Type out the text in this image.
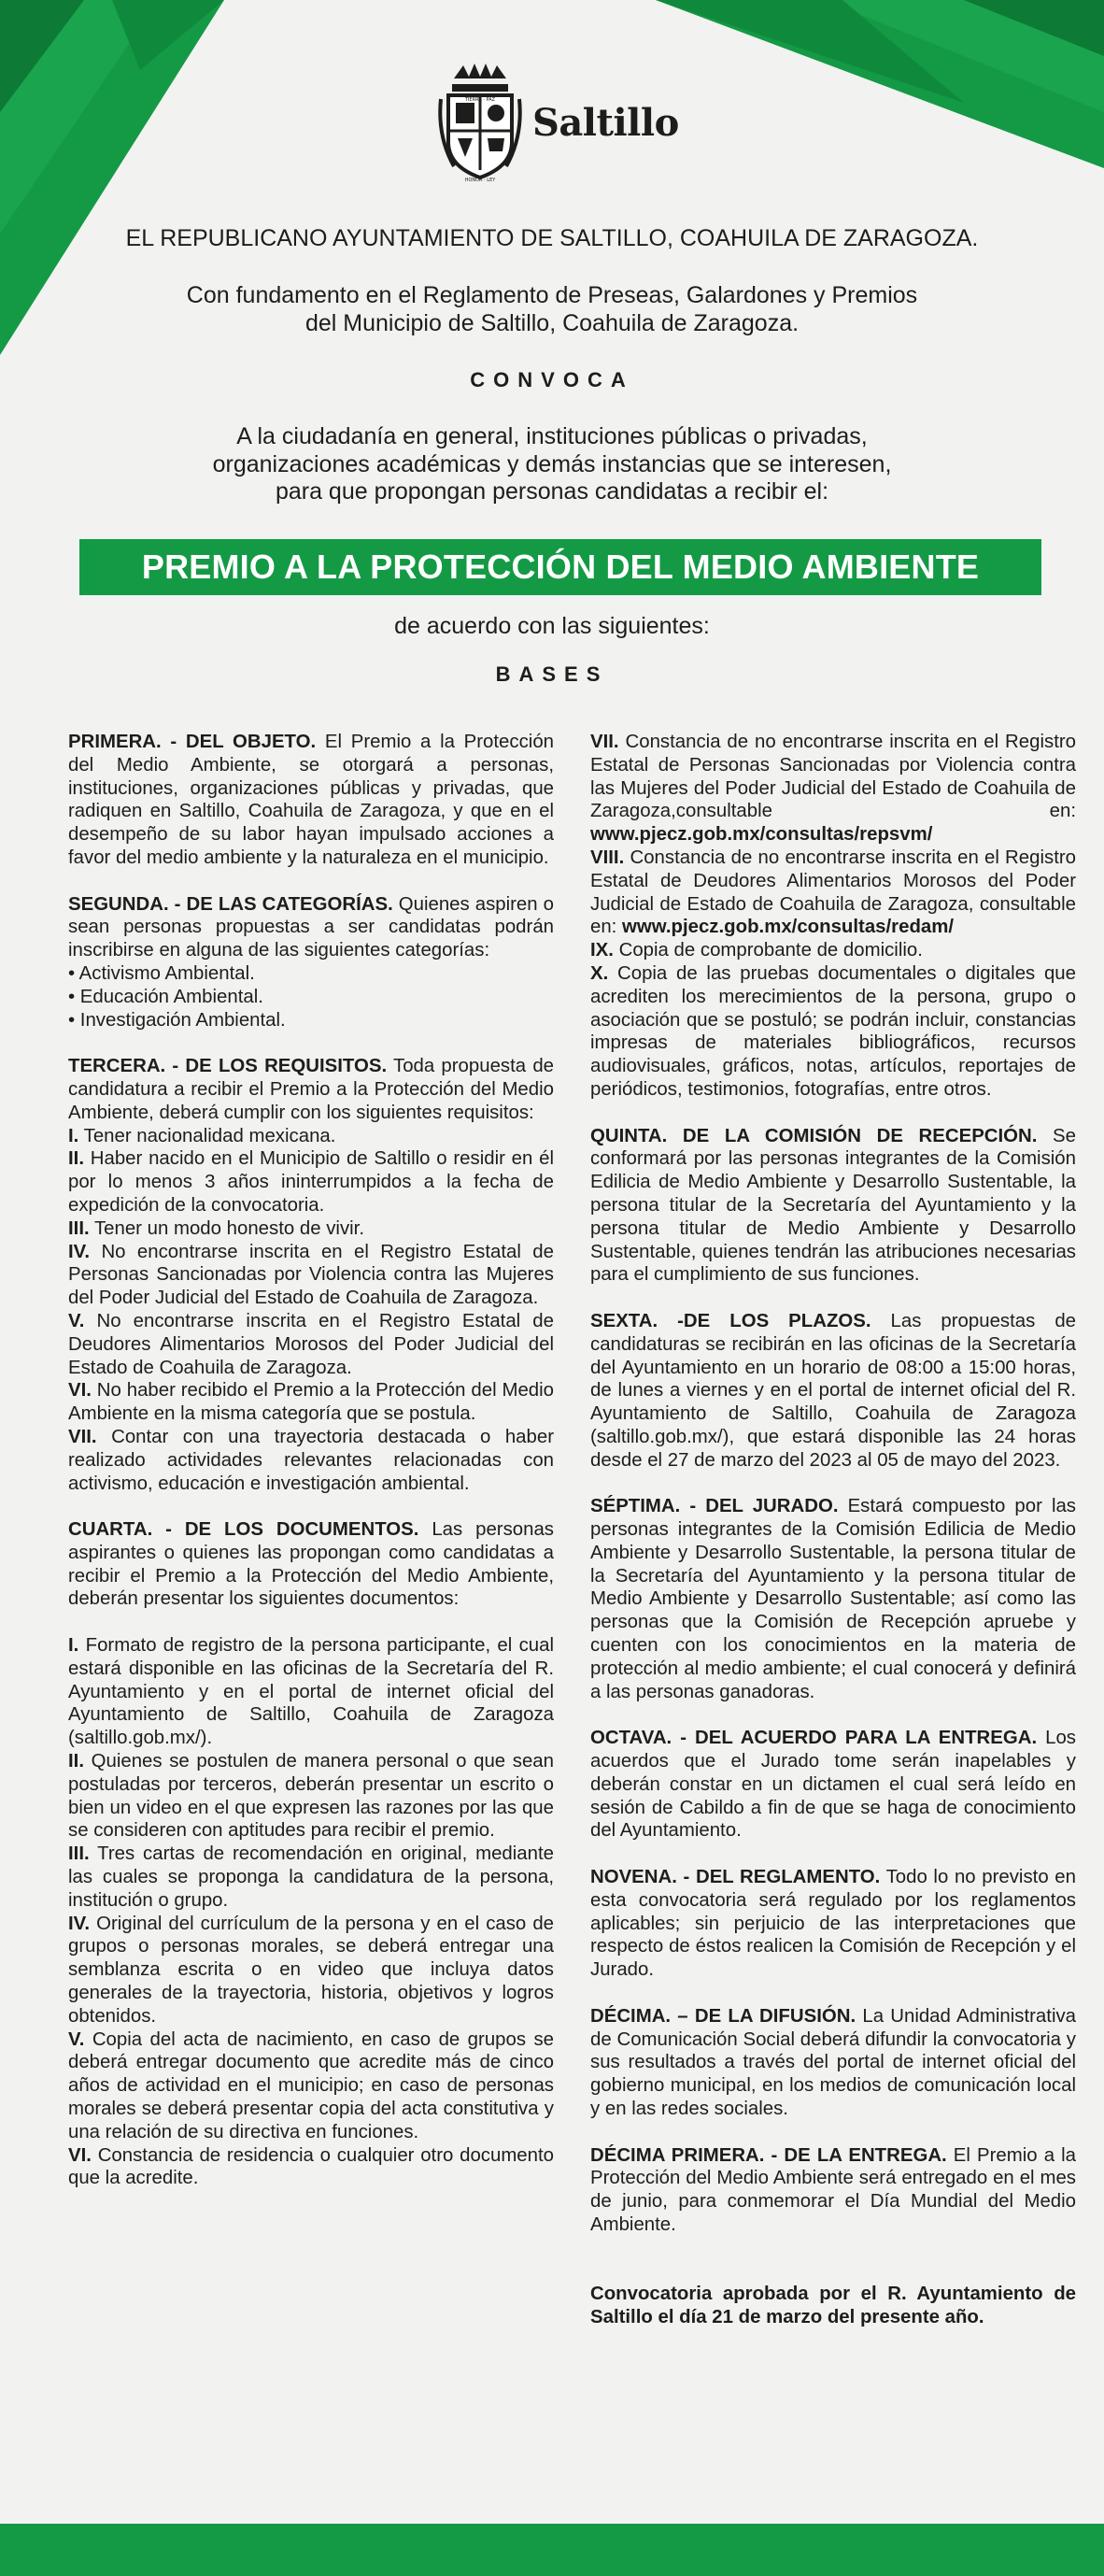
TIERRA · PAZ
HONOR · LEY
Saltillo
EL REPUBLICANO AYUNTAMIENTO DE SALTILLO, COAHUILA DE ZARAGOZA.
Con fundamento en el Reglamento de Preseas, Galardones y Premios
del Municipio de Saltillo, Coahuila de Zaragoza.
CONVOCA
A la ciudadanía en general, instituciones públicas o privadas,
organizaciones académicas y demás instancias que se interesen,
para que propongan personas candidatas a recibir el:
PREMIO A LA PROTECCIÓN DEL MEDIO AMBIENTE
de acuerdo con las siguientes:
BASES

PRIMERA. - DEL OBJETO. El Premio a la Protección del Medio Ambiente, se otorgará a personas, instituciones, organizaciones públicas y privadas, que radiquen en Saltillo, Coahuila de Zaragoza, y que en el desempeño de su labor hayan impulsado acciones a favor del medio ambiente y la naturaleza en el municipio.

SEGUNDA. - DE LAS CATEGORÍAS. Quienes aspiren o sean personas propuestas a ser candidatas podrán inscribirse en alguna de las siguientes categorías:

• Activismo Ambiental.

• Educación Ambiental.

• Investigación Ambiental.

TERCERA. - DE LOS REQUISITOS. Toda propuesta de candidatura a recibir el Premio a la Protección del Medio Ambiente, deberá cumplir con los siguientes requisitos:

I. Tener nacionalidad mexicana.

II. Haber nacido en el Municipio de Saltillo o residir en él por lo menos 3 años ininterrumpidos a la fecha de expedición de la convocatoria.

III. Tener un modo honesto de vivir.

IV. No encontrarse inscrita en el Registro Estatal de Personas Sancionadas por Violencia contra las Mujeres del Poder Judicial del Estado de Coahuila de Zaragoza.

V. No encontrarse inscrita en el Registro Estatal de Deudores Alimentarios Morosos del Poder Judicial del Estado de Coahuila de Zaragoza.

VI. No haber recibido el Premio a la Protección del Medio Ambiente en la misma categoría que se postula.

VII. Contar con una trayectoria destacada o haber realizado actividades relevantes relacionadas con activismo, educación e investigación ambiental.

CUARTA. - DE LOS DOCUMENTOS. Las personas aspirantes o quienes las propongan como candidatas a recibir el Premio a la Protección del Medio Ambiente, deberán presentar los siguientes documentos:

I. Formato de registro de la persona participante, el cual estará disponible en las oficinas de la Secretaría del R. Ayuntamiento y en el portal de internet oficial del Ayuntamiento de Saltillo, Coahuila de Zaragoza (saltillo.gob.mx/).

II. Quienes se postulen de manera personal o que sean postuladas por terceros, deberán presentar un escrito o bien un video en el que expresen las razones por las que se consideren con aptitudes para recibir el premio.

III. Tres cartas de recomendación en original, mediante las cuales se proponga la candidatura de la persona, institución o grupo.

IV. Original del currículum de la persona y en el caso de grupos o personas morales, se deberá entregar una semblanza escrita o en video que incluya datos generales de la trayectoria, historia, objetivos y logros obtenidos.

V. Copia del acta de nacimiento, en caso de grupos se deberá entregar documento que acredite más de cinco años de actividad en el municipio; en caso de personas morales se deberá presentar copia del acta constitutiva y una relación de su directiva en funciones.

VI. Constancia de residencia o cualquier otro documento que la acredite.

VII. Constancia de no encontrarse inscrita en el Registro Estatal de Personas Sancionadas por Violencia contra las Mujeres del Poder Judicial del Estado de Coahuila de Zaragoza,consultable en: www.pjecz.gob.mx/consultas/repsvm/

VIII. Constancia de no encontrarse inscrita en el Registro Estatal de Deudores Alimentarios Morosos del Poder Judicial de Estado de Coahuila de Zaragoza, consultable en: www.pjecz.gob.mx/consultas/redam/

IX. Copia de comprobante de domicilio.

X. Copia de las pruebas documentales o digitales que acrediten los merecimientos de la persona, grupo o asociación que se postuló; se podrán incluir, constancias impresas de materiales bibliográficos, recursos audiovisuales, gráficos, notas, artículos, reportajes de periódicos, testimonios, fotografías, entre otros.

QUINTA. DE LA COMISIÓN DE RECEPCIÓN. Se conformará por las personas integrantes de la Comisión Edilicia de Medio Ambiente y Desarrollo Sustentable, la persona titular de la Secretaría del Ayuntamiento y la persona titular de Medio Ambiente y Desarrollo Sustentable, quienes tendrán las atribuciones necesarias para el cumplimiento de sus funciones.

SEXTA. -DE LOS PLAZOS. Las propuestas de candidaturas se recibirán en las oficinas de la Secretaría del Ayuntamiento en un horario de 08:00 a 15:00 horas, de lunes a viernes y en el portal de internet oficial del R. Ayuntamiento de Saltillo, Coahuila de Zaragoza (saltillo.gob.mx/), que estará disponible las 24 horas desde el 27 de marzo del 2023 al 05 de mayo del 2023.

SÉPTIMA. - DEL JURADO. Estará compuesto por las personas integrantes de la Comisión Edilicia de Medio Ambiente y Desarrollo Sustentable, la persona titular de la Secretaría del Ayuntamiento y la persona titular de Medio Ambiente y Desarrollo Sustentable; así como las personas que la Comisión de Recepción apruebe y cuenten con los conocimientos en la materia de protección al medio ambiente; el cual conocerá y definirá a las personas ganadoras.

OCTAVA. - DEL ACUERDO PARA LA ENTREGA. Los acuerdos que el Jurado tome serán inapelables y deberán constar en un dictamen el cual será leído en sesión de Cabildo a fin de que se haga de conocimiento del Ayuntamiento.

NOVENA. - DEL REGLAMENTO. Todo lo no previsto en esta convocatoria será regulado por los reglamentos aplicables; sin perjuicio de las interpretaciones que respecto de éstos realicen la Comisión de Recepción y el Jurado.

DÉCIMA. – DE LA DIFUSIÓN. La Unidad Administrativa de Comunicación Social deberá difundir la convocatoria y sus resultados a través del portal de internet oficial del gobierno municipal, en los medios de comunicación local y en las redes sociales.

DÉCIMA PRIMERA. - DE LA ENTREGA. El Premio a la Protección del Medio Ambiente será entregado en el mes de junio, para conmemorar el Día Mundial del Medio Ambiente.

Convocatoria aprobada por el R. Ayuntamiento de Saltillo el día 21 de marzo del presente año.
